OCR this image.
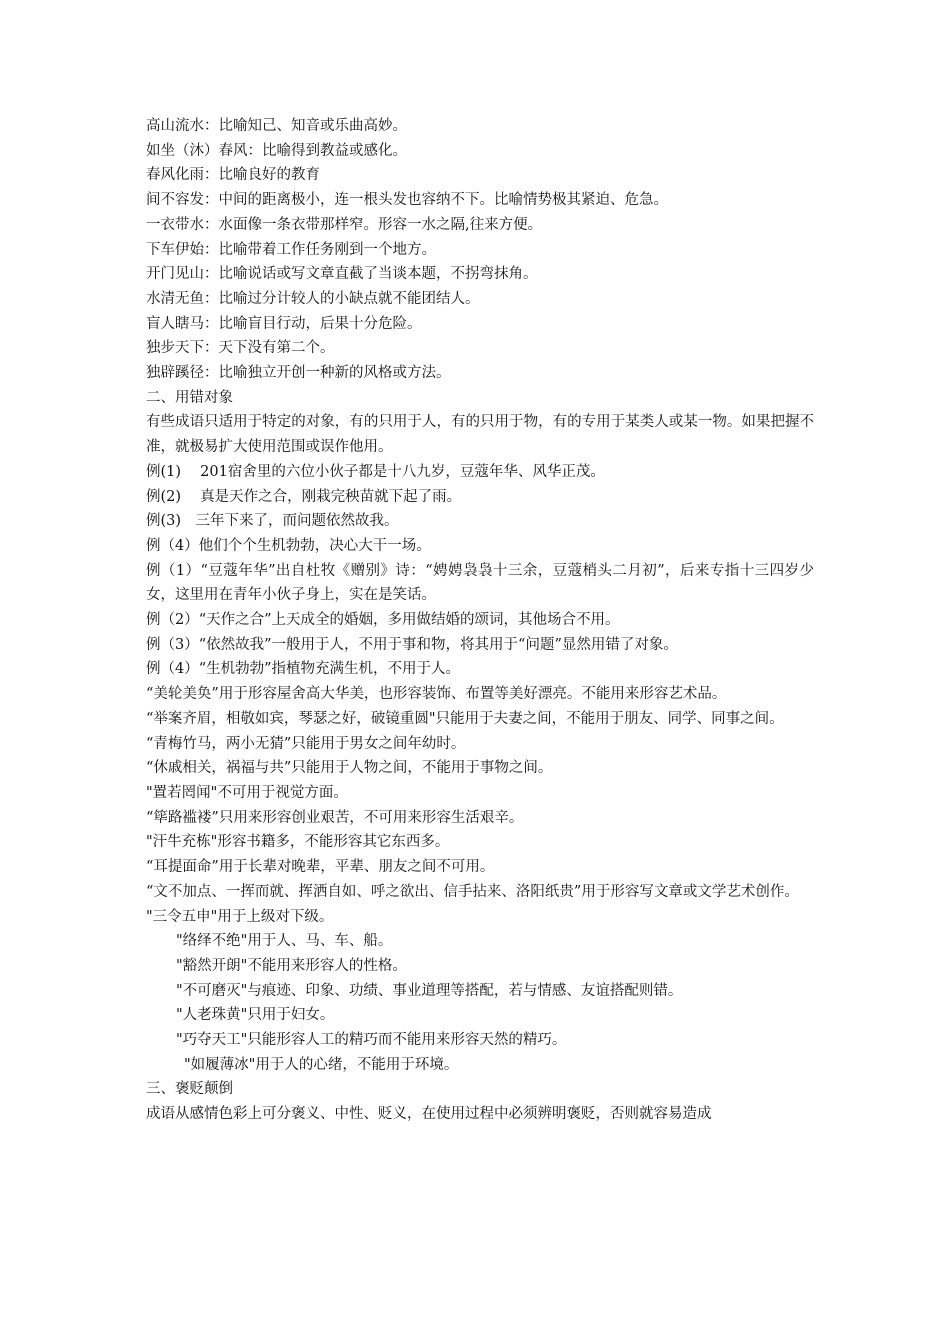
高山流水：比喻知己、知音或乐曲高妙。

如坐（沐）春风：比喻得到教益或感化。

春风化雨：比喻良好的教育

间不容发：中间的距离极小，连一根头发也容纳不下。比喻情势极其紧迫、危急。

一衣带水：水面像一条衣带那样窄。形容一水之隔,往来方便。

下车伊始：比喻带着工作任务刚到一个地方。

开门见山：比喻说话或写文章直截了当谈本题，不拐弯抹角。

水清无鱼：比喻过分计较人的小缺点就不能团结人。

盲人瞎马：比喻盲目行动，后果十分危险。

独步天下：天下没有第二个。

独辟蹊径：比喻独立开创一种新的风格或方法。

二、用错对象

有些成语只适用于特定的对象，有的只用于人，有的只用于物，有的专用于某类人或某一物。如果把握不准，就极易扩大使用范围或误作他用。

例(1)　 201宿舍里的六位小伙子都是十八九岁，豆蔻年华、风华正茂。

例(2)　 真是天作之合，刚栽完秧苗就下起了雨。

例(3)　三年下来了，而问题依然故我。

例（4）他们个个生机勃勃，决心大干一场。

例（1）“豆蔻年华”出自杜牧《赠别》诗：“娉娉袅袅十三余，豆蔻梢头二月初”，后来专指十三四岁少女，这里用在青年小伙子身上，实在是笑话。

例（2）“天作之合”上天成全的婚姻，多用做结婚的颂词，其他场合不用。

例（3）“依然故我”一般用于人，不用于事和物，将其用于“问题”显然用错了对象。

例（4）“生机勃勃”指植物充满生机，不用于人。

“美轮美奂”用于形容屋舍高大华美，也形容装饰、布置等美好漂亮。不能用来形容艺术品。

“举案齐眉，相敬如宾，琴瑟之好，破镜重圆"只能用于夫妻之间，不能用于朋友、同学、同事之间。

“青梅竹马，两小无猜”只能用于男女之间年幼时。

“休戚相关，祸福与共”只能用于人物之间，不能用于事物之间。

"置若罔闻"不可用于视觉方面。

“筚路褴褛”只用来形容创业艰苦，不可用来形容生活艰辛。

"汗牛充栋"形容书籍多，不能形容其它东西多。

“耳提面命”用于长辈对晚辈，平辈、朋友之间不可用。

“文不加点、一挥而就、挥洒自如、呼之欲出、信手拈来、洛阳纸贵”用于形容写文章或文学艺术创作。

"三令五申"用于上级对下级。

"络绎不绝"用于人、马、车、船。

"豁然开朗"不能用来形容人的性格。

"不可磨灭"与痕迹、印象、功绩、事业道理等搭配，若与情感、友谊搭配则错。

"人老珠黄"只用于妇女。

"巧夺天工"只能形容人工的精巧而不能用来形容天然的精巧。

"如履薄冰"用于人的心绪，不能用于环境。

三、褒贬颠倒

成语从感情色彩上可分褒义、中性、贬义，在使用过程中必须辨明褒贬，否则就容易造成
